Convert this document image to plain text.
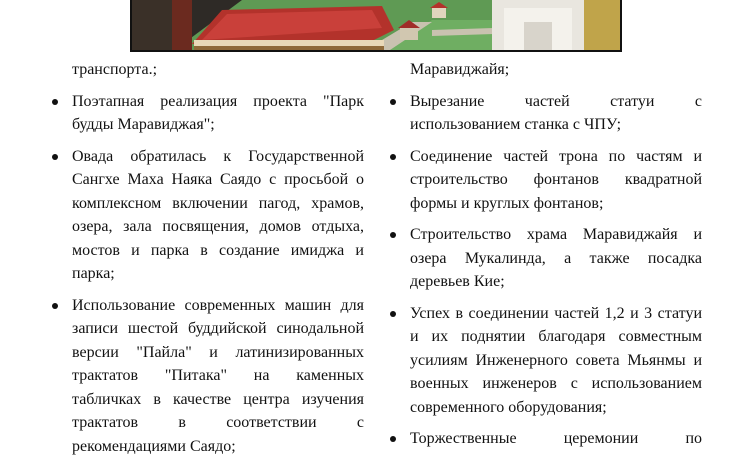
транспорта.;
Поэтапная реализация проекта "Парк будды Маравиджая";
Овада обратилась к Государственной Сангхе Маха Наяка Саядо с просьбой о комплексном включении пагод, храмов, озера, зала посвящения, домов отдыха, мостов и парка в создание имиджа и парка;
Использование современных машин для записи шестой буддийской синодальной версии "Пайла" и латинизированных трактатов "Питака" на каменных табличках в качестве центра изучения трактатов в соответствии с рекомендациями Саядо;
Маравиджайя;
Вырезание частей статуи с использованием станка с ЧПУ;
Соединение частей трона по частям и строительство фонтанов квадратной формы и круглых фонтанов;
Строительство храма Маравиджайя и озера Мукалинда, а также посадка деревьев Кие;
Успех в соединении частей 1,2 и 3 статуи и их поднятии благодаря совместным усилиям Инженерного совета Мьянмы и военных инженеров с использованием современного оборудования;
Торжественные церемонии по
